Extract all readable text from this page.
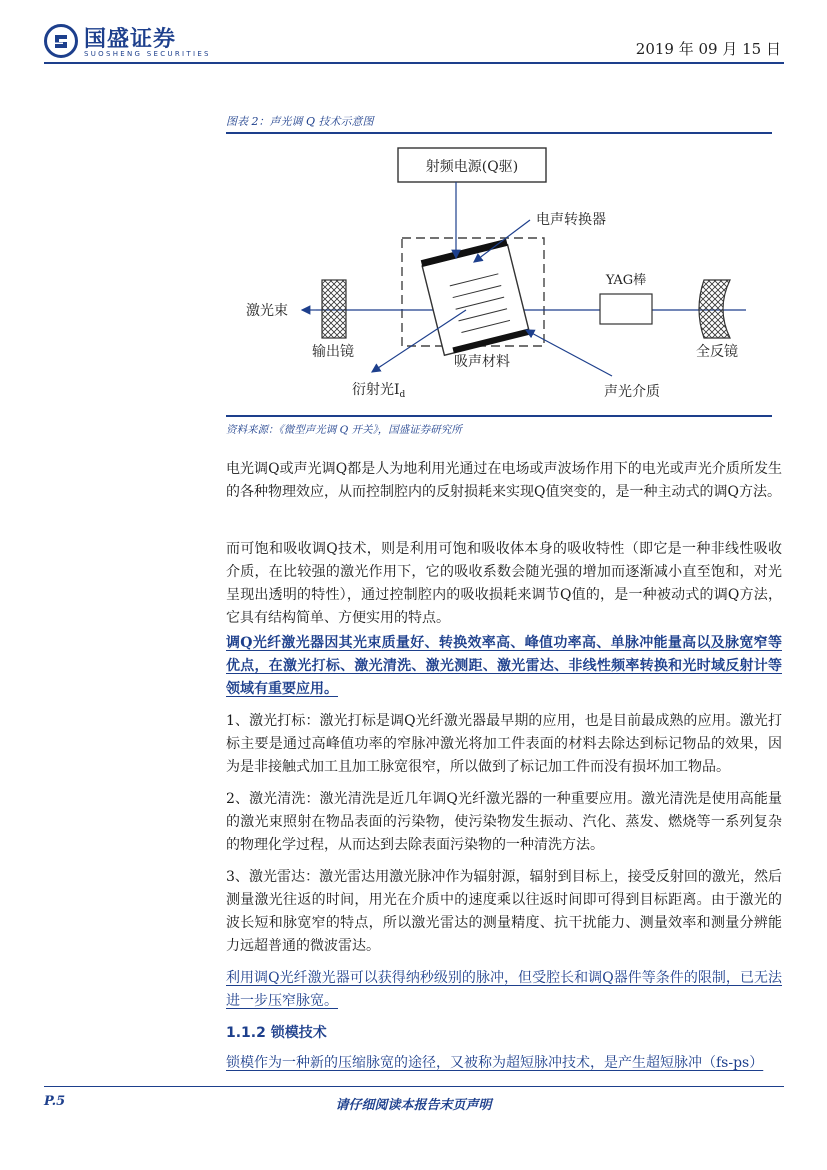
国盛证券
SUOSHENG SECURITIES	2019 年 09 月 15 日
图表 2：声光调 Q 技术示意图
射频电源(Q驱)
YAG棒
电声转换器
吸声材料
声光介质
激光束
输出镜	全反镜
衍射光$I_d$
资料来源：《微型声光调 Q 开关》，国盛证券研究所
电光调Q或声光调Q都是人为地利用光通过在电场或声波场作用下的电光或声光介质所发生的各种物理效应，从而控制腔内的反射损耗来实现Q值突变的，是一种主动式的调Q方法。
而可饱和吸收调Q技术，则是利用可饱和吸收体本身的吸收特性（即它是一种非线性吸收介质，在比较强的激光作用下，它的吸收系数会随光强的增加而逐渐减小直至饱和，对光呈现出透明的特性），通过控制腔内的吸收损耗来调节Q值的，是一种被动式的调Q方法，它具有结构简单、方便实用的特点。
调Q光纤激光器因其光束质量好、转换效率高、峰值功率高、单脉冲能量高以及脉宽窄等优点，在激光打标、激光清洗、激光测距、激光雷达、非线性频率转换和光时域反射计等领域有重要应用。
1、激光打标：激光打标是调Q光纤激光器最早期的应用，也是目前最成熟的应用。激光打标主要是通过高峰值功率的窄脉冲激光将加工件表面的材料去除达到标记物品的效果，因为是非接触式加工且加工脉宽很窄，所以做到了标记加工件而没有损坏加工物品。
2、激光清洗：激光清洗是近几年调Q光纤激光器的一种重要应用。激光清洗是使用高能量的激光束照射在物品表面的污染物，使污染物发生振动、汽化、蒸发、燃烧等一系列复杂的物理化学过程，从而达到去除表面污染物的一种清洗方法。
3、激光雷达：激光雷达用激光脉冲作为辐射源，辐射到目标上，接受反射回的激光，然后测量激光往返的时间，用光在介质中的速度乘以往返时间即可得到目标距离。由于激光的波长短和脉宽窄的特点，所以激光雷达的测量精度、抗干扰能力、测量效率和测量分辨能力远超普通的微波雷达。
利用调Q光纤激光器可以获得纳秒级别的脉冲，但受腔长和调Q器件等条件的限制，已无法进一步压窄脉宽。
1.1.2 锁模技术
锁模作为一种新的压缩脉宽的途径，又被称为超短脉冲技术，是产生超短脉冲（fs-ps）
请仔细阅读本报告末页声明
P.5
